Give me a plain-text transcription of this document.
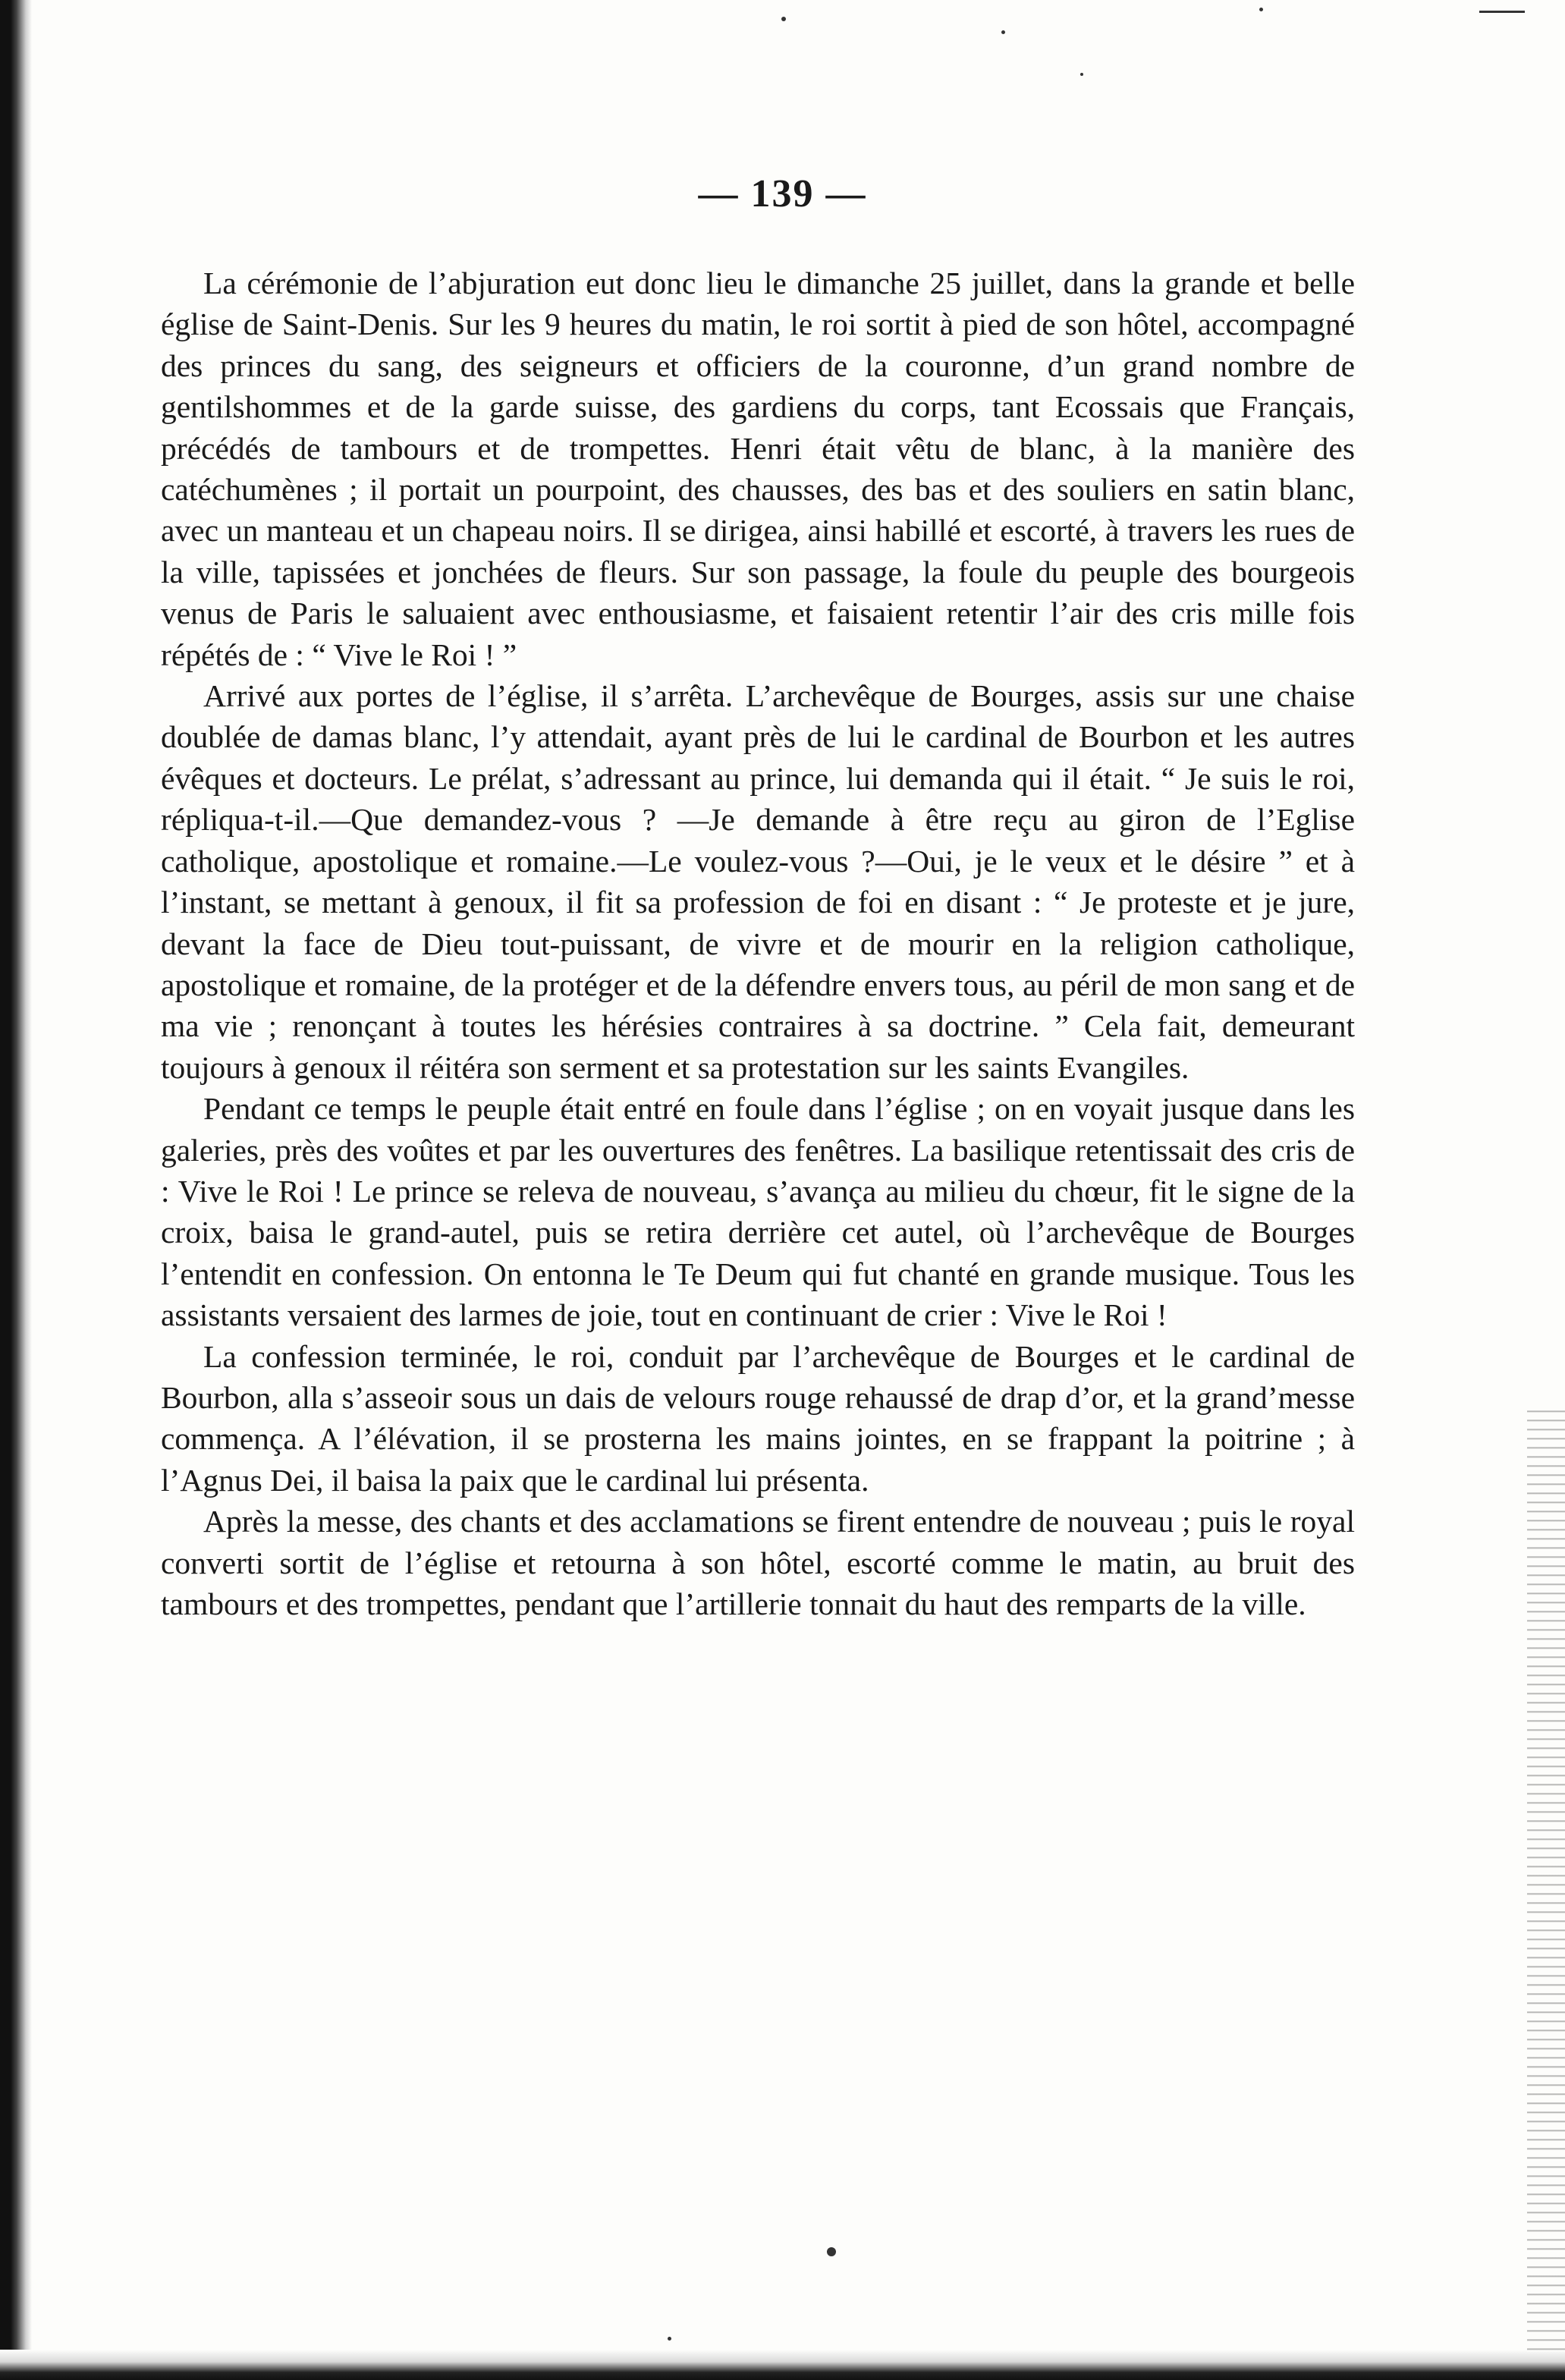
— 139 —

La cérémonie de l’abjuration eut donc lieu le dimanche 25 juillet, dans la grande et belle église de Saint-Denis. Sur les 9 heures du matin, le roi sortit à pied de son hôtel, accompagné des princes du sang, des seigneurs et officiers de la couronne, d’un grand nombre de gentilshommes et de la garde suisse, des gardiens du corps, tant Ecossais que Français, précédés de tambours et de trompettes. Henri était vêtu de blanc, à la manière des catéchumènes ; il portait un pourpoint, des chausses, des bas et des souliers en satin blanc, avec un manteau et un chapeau noirs. Il se dirigea, ainsi habillé et escorté, à travers les rues de la ville, tapissées et jonchées de fleurs. Sur son passage, la foule du peuple des bourgeois venus de Paris le saluaient avec enthousiasme, et faisaient retentir l’air des cris mille fois répétés de : “ Vive le Roi ! ”

Arrivé aux portes de l’église, il s’arrêta. L’archevêque de Bourges, assis sur une chaise doublée de damas blanc, l’y attendait, ayant près de lui le cardinal de Bourbon et les autres évêques et docteurs. Le prélat, s’adressant au prince, lui demanda qui il était. “ Je suis le roi, répliqua-t-il.—Que demandez-vous ? —Je demande à être reçu au giron de l’Eglise catholique, apostolique et romaine.—Le voulez-vous ?—Oui, je le veux et le désire ” et à l’instant, se mettant à genoux, il fit sa profession de foi en disant : “ Je proteste et je jure, devant la face de Dieu tout-puissant, de vivre et de mourir en la religion catholique, apostolique et romaine, de la protéger et de la défendre envers tous, au péril de mon sang et de ma vie ; renonçant à toutes les hérésies contraires à sa doctrine. ” Cela fait, demeurant toujours à genoux il réitéra son serment et sa protestation sur les saints Evangiles.

Pendant ce temps le peuple était entré en foule dans l’église ; on en voyait jusque dans les galeries, près des voûtes et par les ouvertures des fenêtres. La basilique retentissait des cris de : Vive le Roi ! Le prince se releva de nouveau, s’avança au milieu du chœur, fit le signe de la croix, baisa le grand-autel, puis se retira derrière cet autel, où l’archevêque de Bourges l’entendit en confession. On entonna le Te Deum qui fut chanté en grande musique. Tous les assistants versaient des larmes de joie, tout en continuant de crier : Vive le Roi !

La confession terminée, le roi, conduit par l’archevêque de Bourges et le cardinal de Bourbon, alla s’asseoir sous un dais de velours rouge rehaussé de drap d’or, et la grand’messe commença. A l’élévation, il se prosterna les mains jointes, en se frappant la poitrine ; à l’Agnus Dei, il baisa la paix que le cardinal lui présenta.

Après la messe, des chants et des acclamations se firent entendre de nouveau ; puis le royal converti sortit de l’église et retourna à son hôtel, escorté comme le matin, au bruit des tambours et des trompettes, pendant que l’artillerie tonnait du haut des remparts de la ville.
